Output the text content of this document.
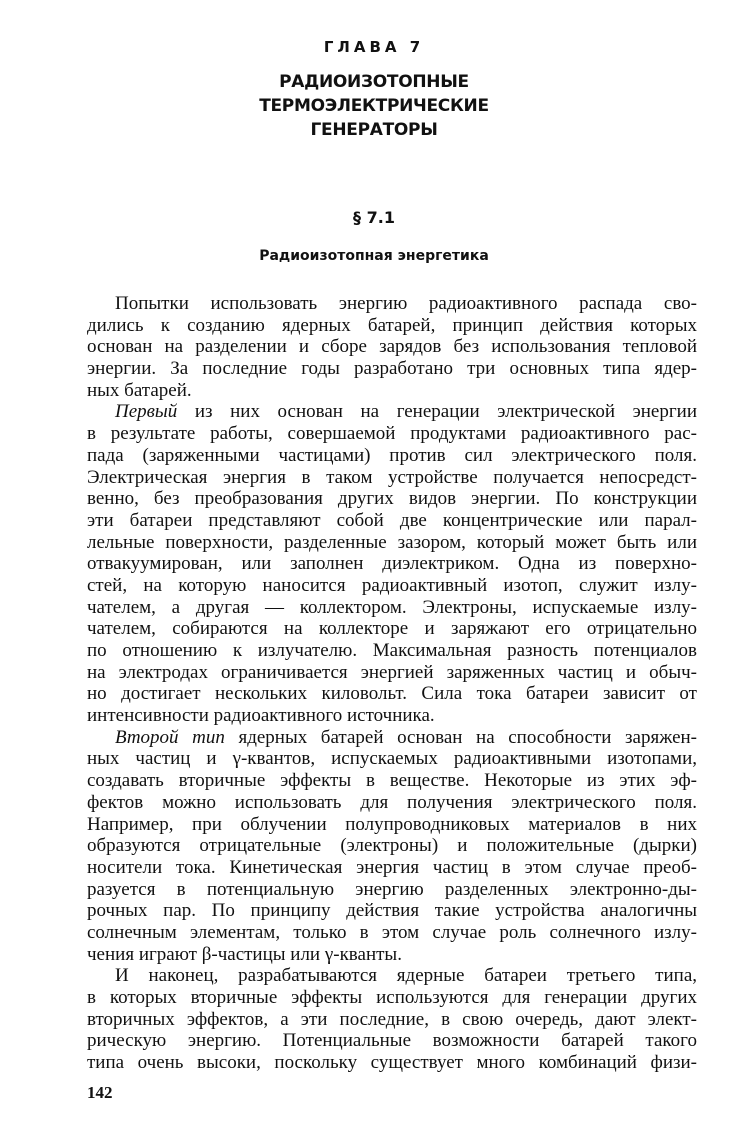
ГЛАВА 7
РАДИОИЗОТОПНЫЕ
ТЕРМОЭЛЕКТРИЧЕСКИЕ
ГЕНЕРАТОРЫ
§ 7.1
Радиоизотопная энергетика
Попытки использовать энергию радиоактивного распада сво-
дились к созданию ядерных батарей, принцип действия которых
основан на разделении и сборе зарядов без использования тепловой
энергии. За последние годы разработано три основных типа ядер-
ных батарей.
Первый из них основан на генерации электрической энергии
в результате работы, совершаемой продуктами радиоактивного рас-
пада (заряженными частицами) против сил электрического поля.
Электрическая энергия в таком устройстве получается непосредст-
венно, без преобразования других видов энергии. По конструкции
эти батареи представляют собой две концентрические или парал-
лельные поверхности, разделенные зазором, который может быть или
отвакуумирован, или заполнен диэлектриком. Одна из поверхно-
стей, на которую наносится радиоактивный изотоп, служит излу-
чателем, а другая — коллектором. Электроны, испускаемые излу-
чателем, собираются на коллекторе и заряжают его отрицательно
по отношению к излучателю. Максимальная разность потенциалов
на электродах ограничивается энергией заряженных частиц и обыч-
но достигает нескольких киловольт. Сила тока батареи зависит от
интенсивности радиоактивного источника.
Второй тип ядерных батарей основан на способности заряжен-
ных частиц и γ-квантов, испускаемых радиоактивными изотопами,
создавать вторичные эффекты в веществе. Некоторые из этих эф-
фектов можно использовать для получения электрического поля.
Например, при облучении полупроводниковых материалов в них
образуются отрицательные (электроны) и положительные (дырки)
носители тока. Кинетическая энергия частиц в этом случае преоб-
разуется в потенциальную энергию разделенных электронно-ды-
рочных пар. По принципу действия такие устройства аналогичны
солнечным элементам, только в этом случае роль солнечного излу-
чения играют β-частицы или γ-кванты.
И наконец, разрабатываются ядерные батареи третьего типа,
в которых вторичные эффекты используются для генерации других
вторичных эффектов, а эти последние, в свою очередь, дают элект-
рическую энергию. Потенциальные возможности батарей такого
типа очень высоки, поскольку существует много комбинаций физи-
142
